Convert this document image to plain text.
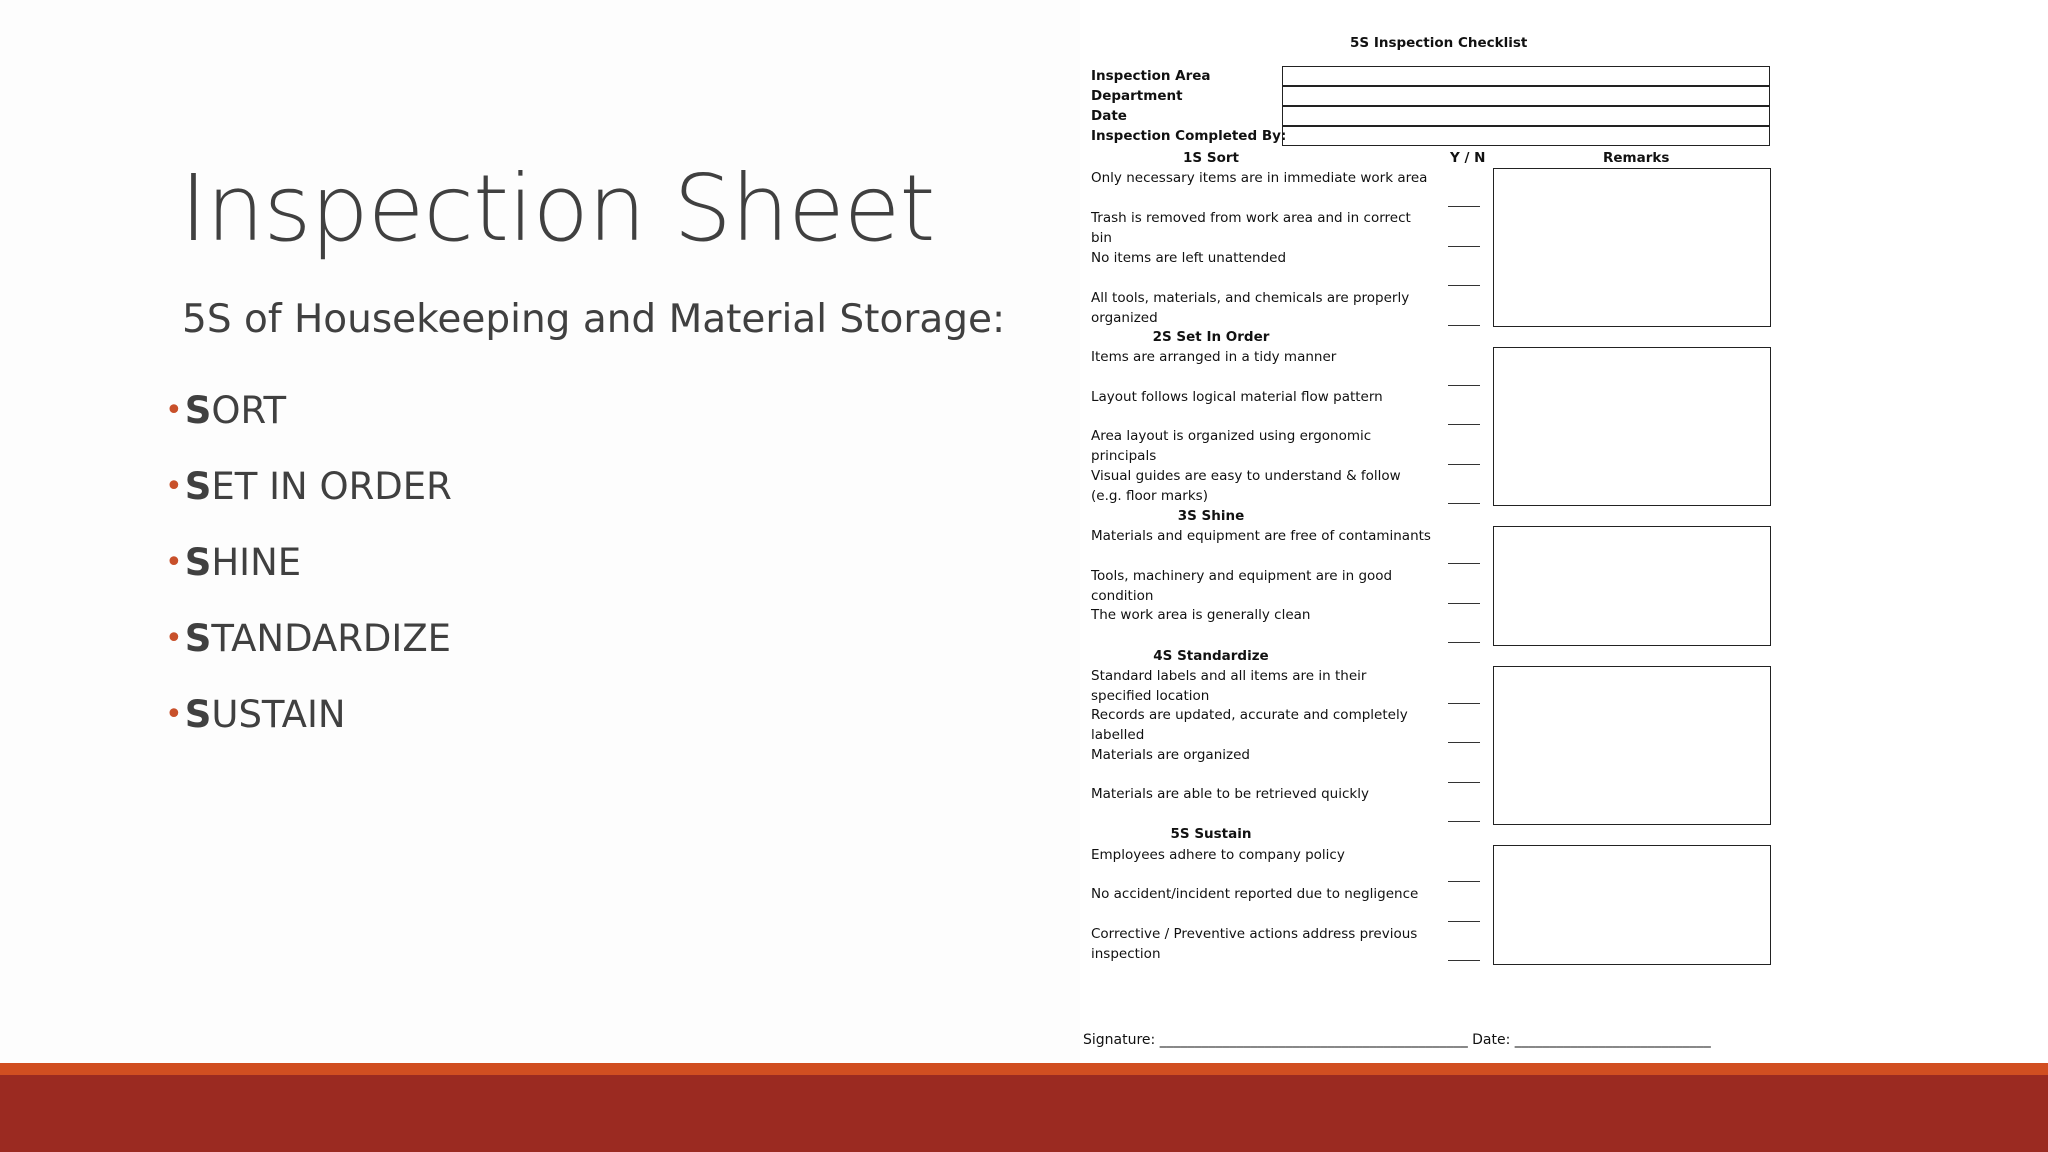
Inspection Sheet
5S of Housekeeping and Material Storage:
• S ORT
• S ET IN ORDER
• S HINE
• S TANDARDIZE
• S USTAIN
5S Inspection Checklist
Inspection Area
Department
Date
Inspection Completed By:
1S Sort	Y / N	Remarks
Only necessary items are in immediate work area
Trash is removed from work area and in correct bin
No items are left unattended
All tools, materials, and chemicals are properly organized
2S Set In Order
Items are arranged in a tidy manner
Layout follows logical material flow pattern
Area layout is organized using ergonomic principals
Visual guides are easy to understand & follow (e.g. floor marks)
3S Shine
Materials and equipment are free of contaminants
Tools, machinery and equipment are in good condition
The work area is generally clean
4S Standardize
Standard labels and all items are in their specified location
Records are updated, accurate and completely labelled
Materials are organized
Materials are able to be retrieved quickly
5S Sustain
Employees adhere to company policy
No accident/incident reported due to negligence
Corrective / Preventive actions address previous inspection
Signature: ____________________________________________ Date: ____________________________
